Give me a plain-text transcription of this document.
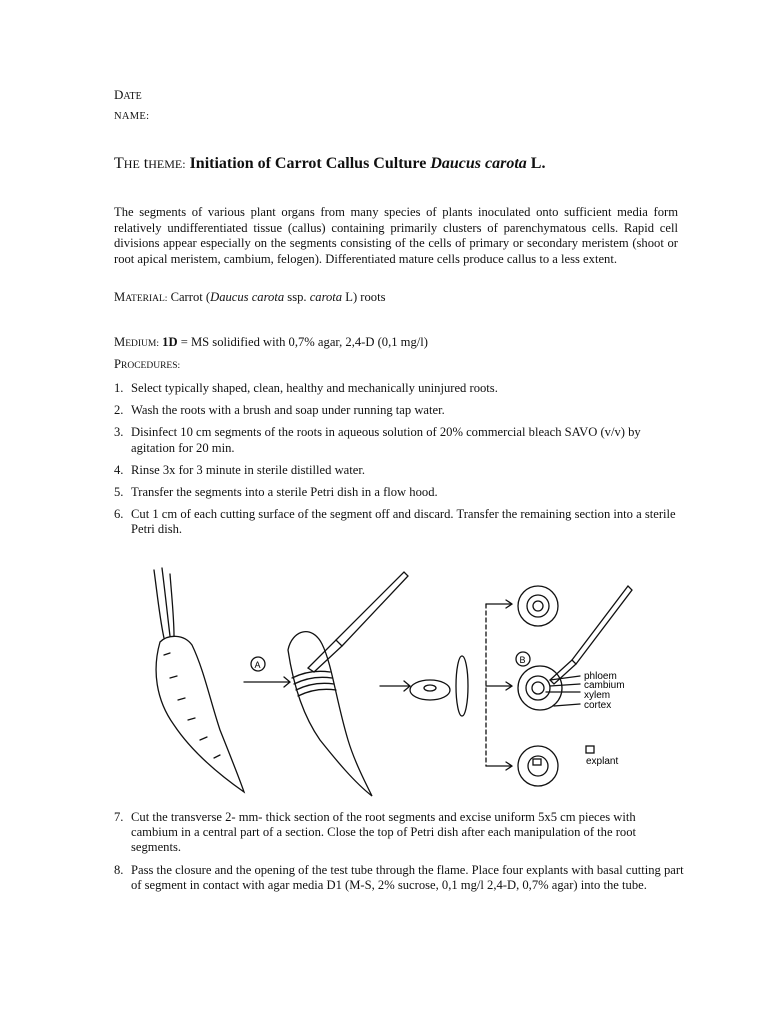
DATE
NAME:
THE tHEME: Initiation of Carrot Callus Culture Daucus carota L.
The segments of various plant organs from many species of plants inoculated onto sufficient media form relatively undifferentiated tissue (callus) containing primarily clusters of parenchymatous cells. Rapid cell divisions appear especially on the segments consisting of the cells of primary or secondary meristem (shoot or root apical meristem, cambium, felogen). Differentiated mature cells produce callus to a less extent.
MATERIAL: Carrot (Daucus carota ssp. carota L) roots
MEDIUM: 1D = MS solidified with 0,7% agar, 2,4-D (0,1 mg/l)
PROCEDURES:
1. Select typically shaped, clean, healthy and mechanically uninjured roots.
2. Wash the roots with a brush and soap under running tap water.
3. Disinfect 10 cm segments of the roots in aqueous solution of 20% commercial bleach SAVO (v/v) by agitation for 20 min.
4. Rinse 3x for 3 minute in sterile distilled water.
5. Transfer the segments into a sterile Petri dish in a flow hood.
6. Cut 1 cm of each cutting surface of the segment off and discard. Transfer the remaining section into a sterile Petri dish.
A	B
phloem
cambium
xylem
cortex
explant
7. Cut the transverse 2- mm- thick section of the root segments and excise uniform 5x5 cm pieces with cambium in a central part of a section. Close the top of Petri dish after each manipulation of the root segments.
8. Pass the closure and the opening of the test tube through the flame. Place four explants with basal cutting part of segment in contact with agar media D1 (M-S, 2% sucrose, 0,1 mg/l 2,4-D, 0,7% agar) into the tube.
